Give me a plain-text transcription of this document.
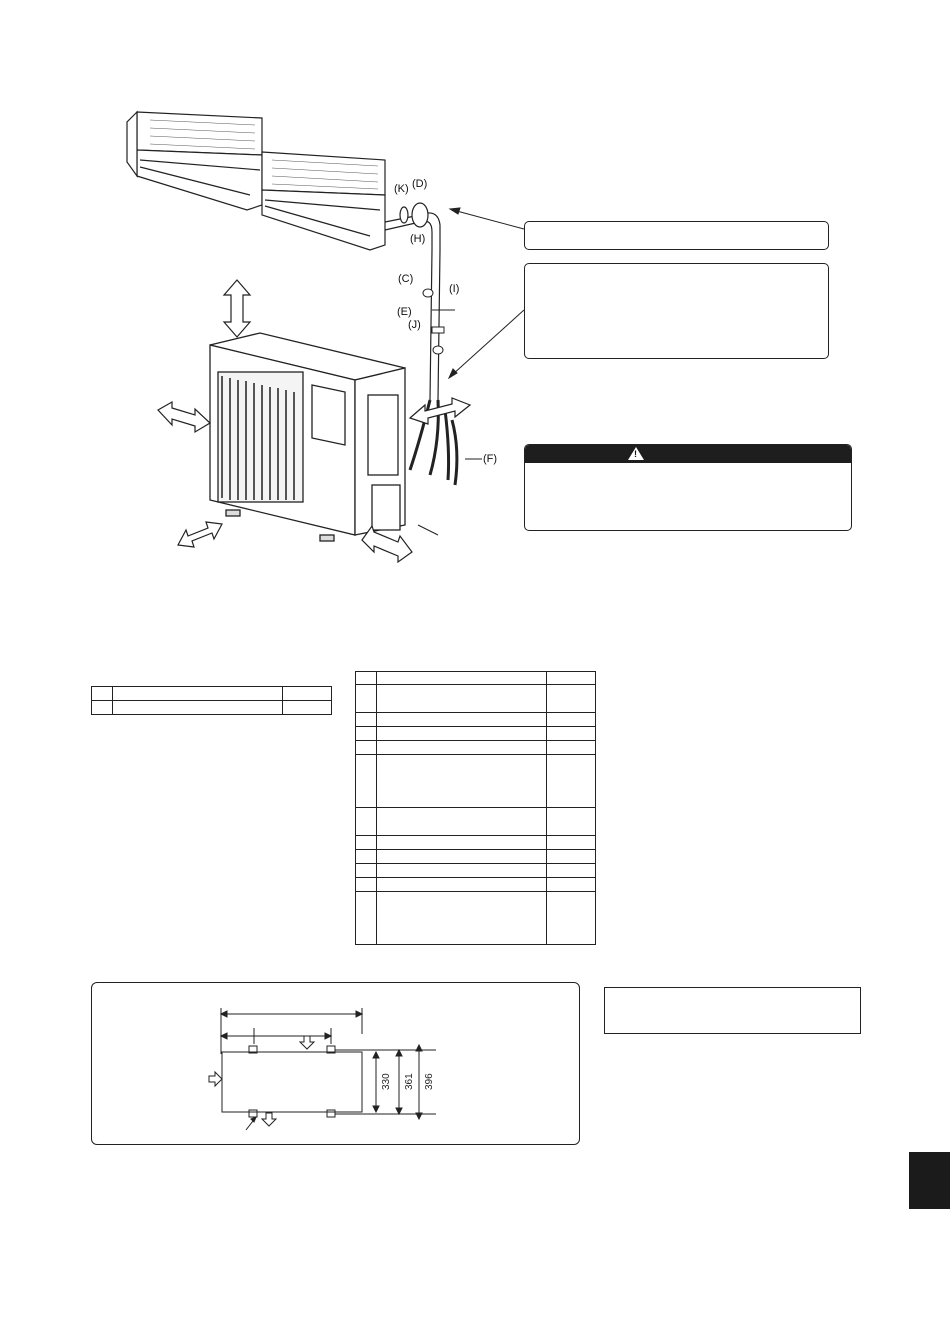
(K) (D)
(H)
(C)
(I)
(E)
(J)
(F)	!

330 361 396
